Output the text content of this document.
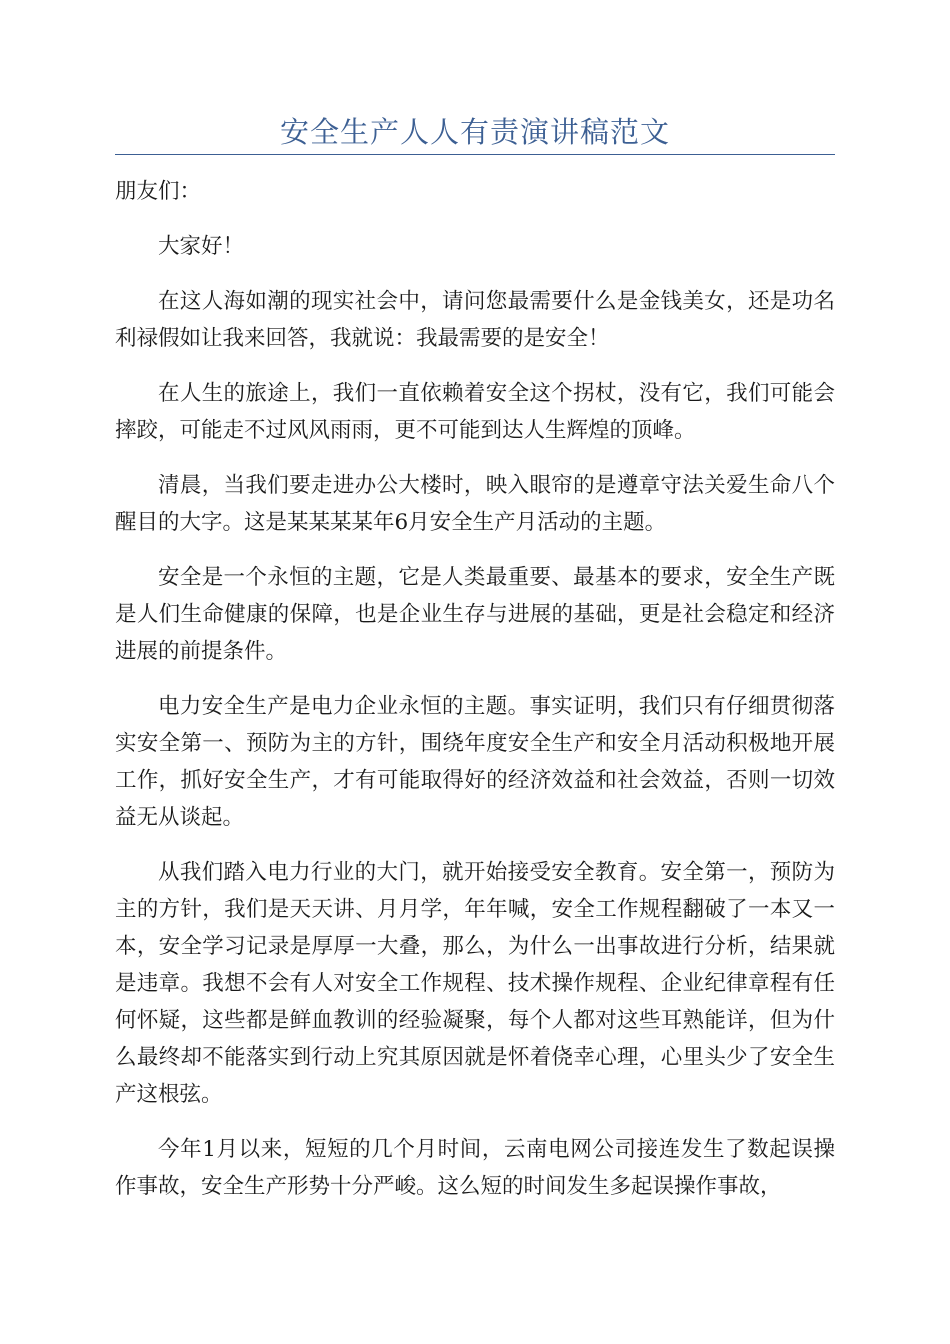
安全生产人人有责演讲稿范文

朋友们：

大家好！

在这人海如潮的现实社会中，请问您最需要什么是金钱美女，还是功名利禄假如让我来回答，我就说：我最需要的是安全！

在人生的旅途上，我们一直依赖着安全这个拐杖，没有它，我们可能会摔跤，可能走不过风风雨雨，更不可能到达人生辉煌的顶峰。

清晨，当我们要走进办公大楼时，映入眼帘的是遵章守法关爱生命八个醒目的大字。这是某某某某年6月安全生产月活动的主题。

安全是一个永恒的主题，它是人类最重要、最基本的要求，安全生产既是人们生命健康的保障，也是企业生存与进展的基础，更是社会稳定和经济进展的前提条件。

电力安全生产是电力企业永恒的主题。事实证明，我们只有仔细贯彻落实安全第一、预防为主的方针，围绕年度安全生产和安全月活动积极地开展工作，抓好安全生产，才有可能取得好的经济效益和社会效益，否则一切效益无从谈起。

从我们踏入电力行业的大门，就开始接受安全教育。安全第一，预防为主的方针，我们是天天讲、月月学，年年喊，安全工作规程翻破了一本又一本，安全学习记录是厚厚一大叠，那么，为什么一出事故进行分析，结果就是违章。我想不会有人对安全工作规程、技术操作规程、企业纪律章程有任何怀疑，这些都是鲜血教训的经验凝聚，每个人都对这些耳熟能详，但为什么最终却不能落实到行动上究其原因就是怀着侥幸心理，心里头少了安全生产这根弦。

今年1月以来，短短的几个月时间，云南电网公司接连发生了数起误操作事故，安全生产形势十分严峻。这么短的时间发生多起误操作事故，
